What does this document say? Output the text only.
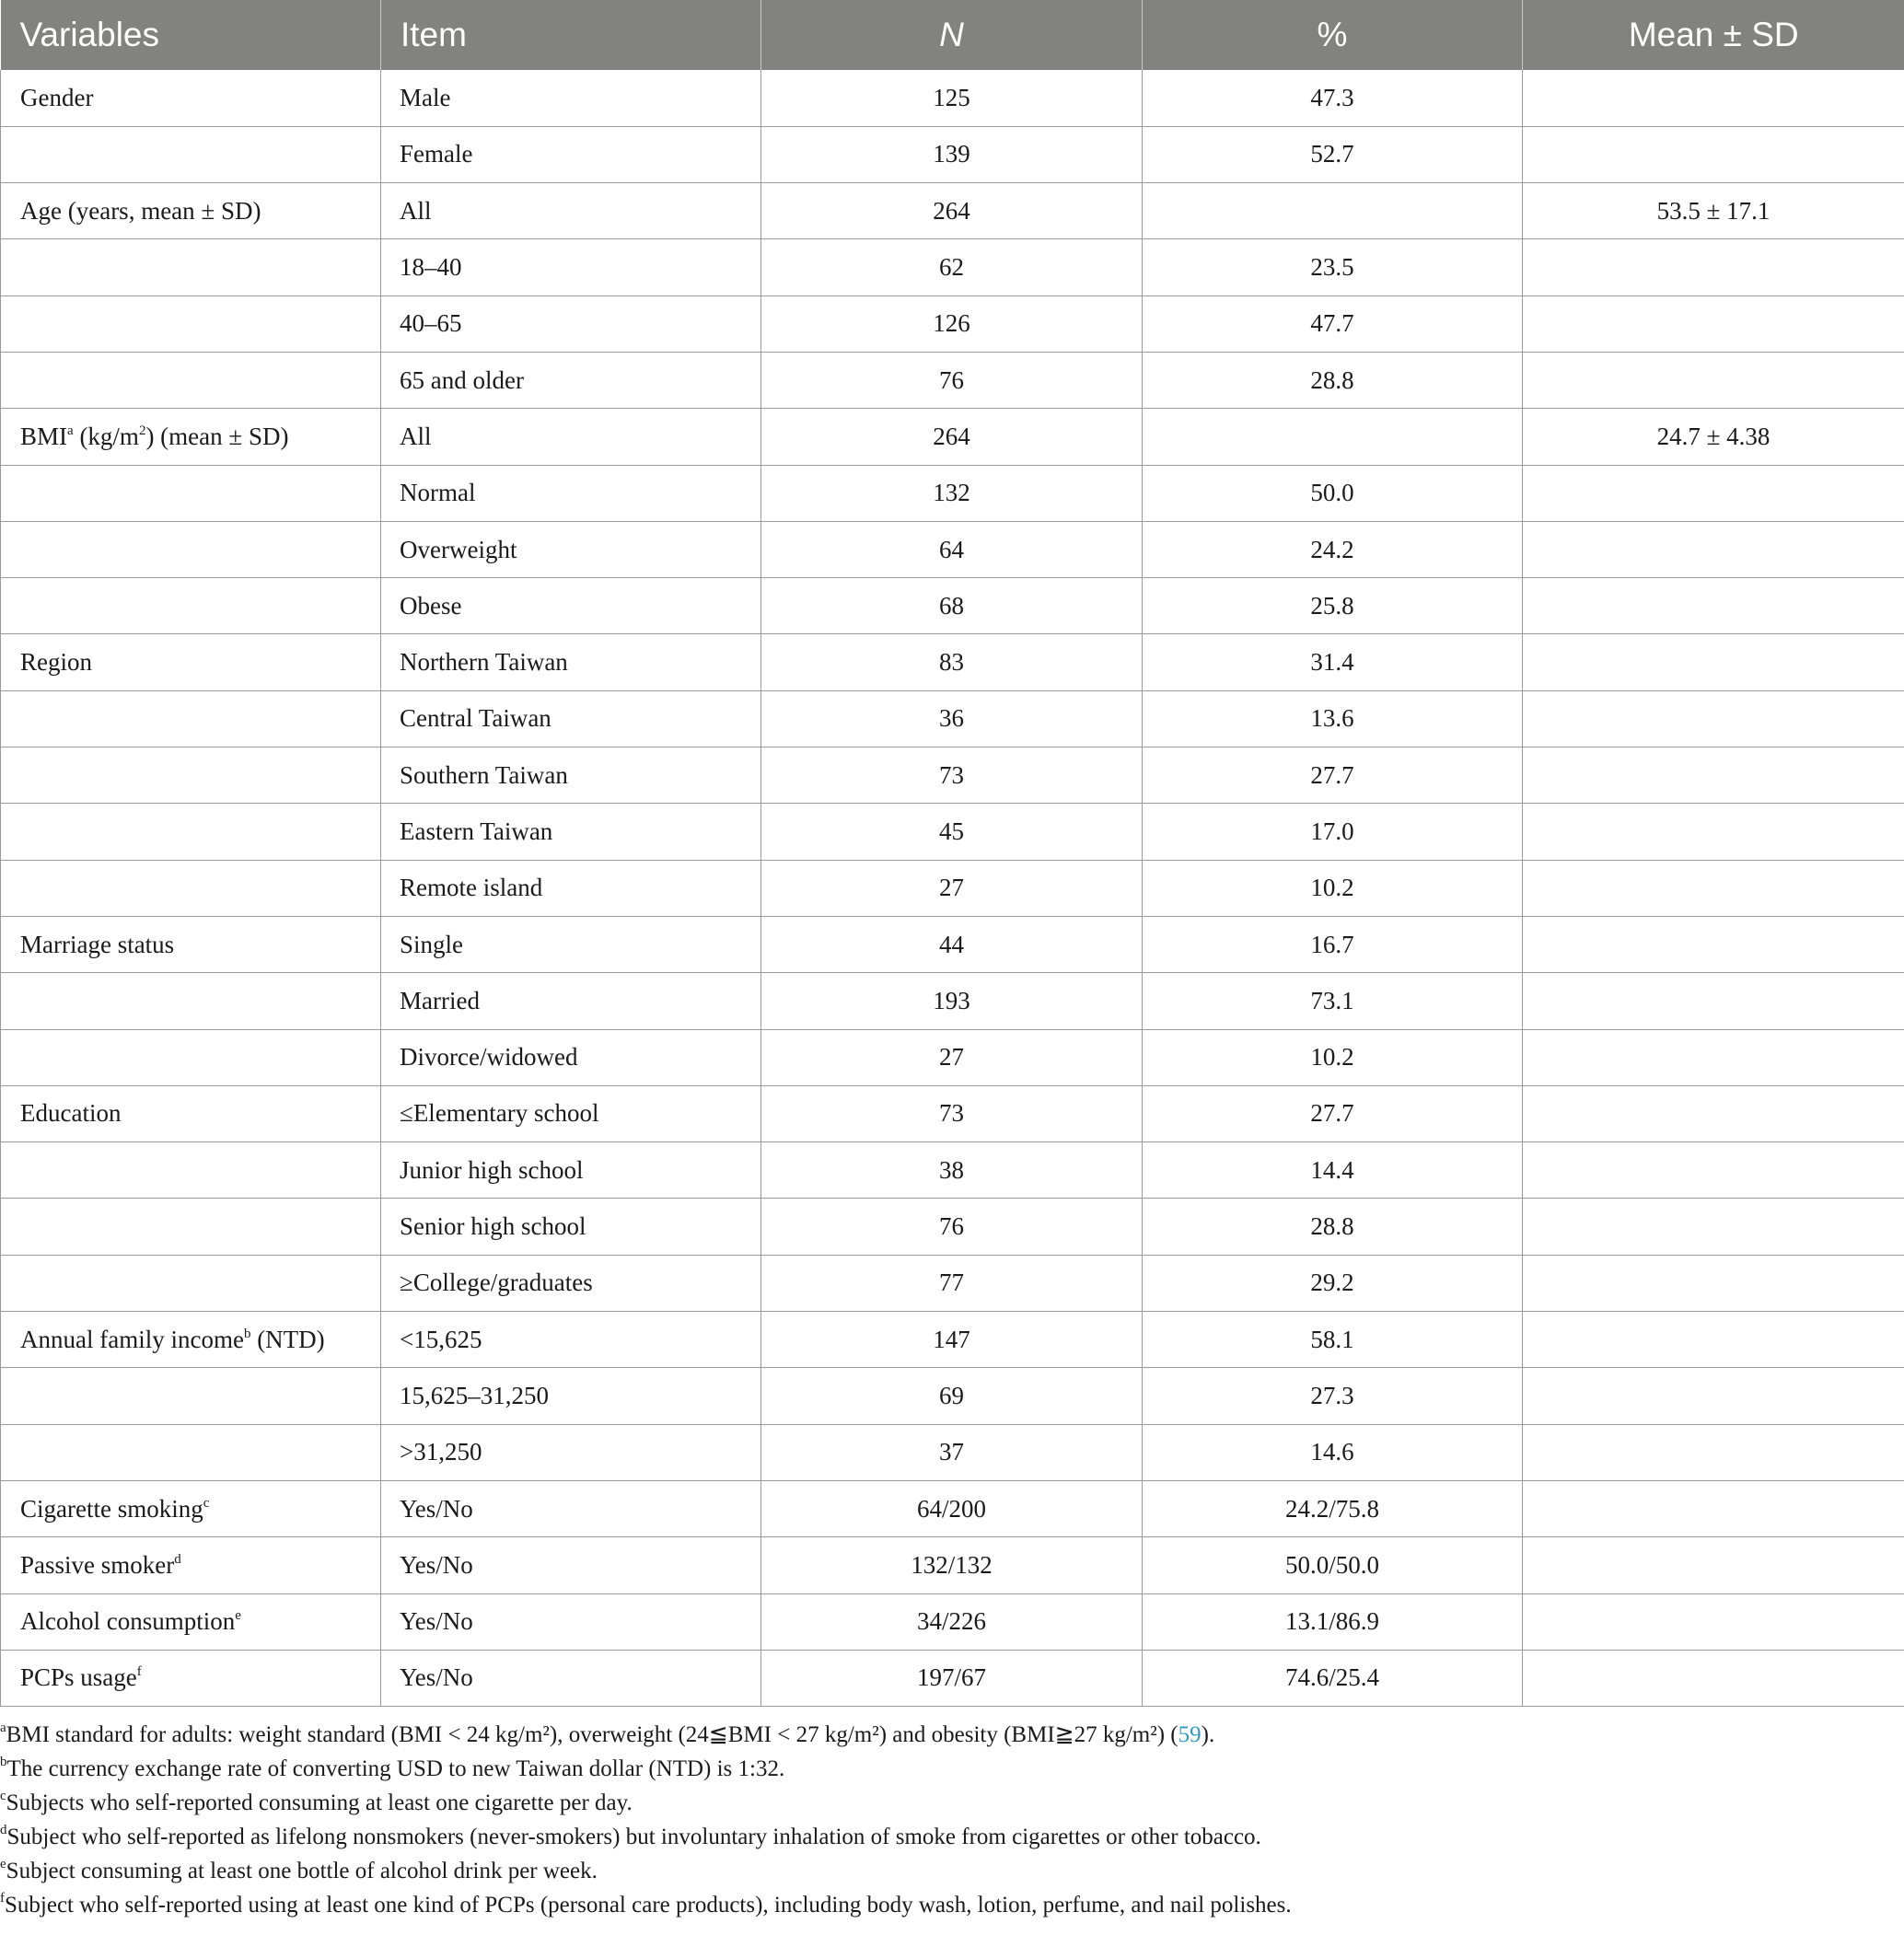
Variables	Item	N	%	Mean ± SD
Gender	Male	125	47.3	
	Female	139	52.7	
Age (years, mean ± SD)	All	264		53.5 ± 17.1
	18–40	62	23.5	
	40–65	126	47.7	
	65 and older	76	28.8	
BMI$^a$ $(kg/m^2)$ (mean ± SD)	All	264		24.7 ± 4.38
	Normal	132	50.0	
	Overweight	64	24.2	
	Obese	68	25.8	
Region	Northern Taiwan	83	31.4	
	Central Taiwan	36	13.6	
	Southern Taiwan	73	27.7	
	Eastern Taiwan	45	17.0	
	Remote island	27	10.2	
Marriage status	Single	44	16.7	
	Married	193	73.1	
	Divorce/widowed	27	10.2	
Education	≤Elementary school	73	27.7	
	Junior high school	38	14.4	
	Senior high school	76	28.8	
	≥College/graduates	77	29.2	
Annual family income$^b$ (NTD)	<15,625	147	58.1	
	15,625–31,250	69	27.3	
	>31,250	37	14.6	
Cigarette smoking$^c$	Yes/No	64/200	24.2/75.8	
Passive smoker$^d$	Yes/No	132/132	50.0/50.0	
Alcohol consumption$^e$	Yes/No	34/226	13.1/86.9	
PCPs usage$^f$	Yes/No	197/67	74.6/25.4	

$^a$BMI standard for adults: weight standard (BMI < 24 kg/m²), overweight (24≦BMI < 27 kg/m²) and obesity (BMI≧27 kg/m²) (59).

$^b$The currency exchange rate of converting USD to new Taiwan dollar (NTD) is 1:32.

$^c$Subjects who self-reported consuming at least one cigarette per day.

$^d$Subject who self-reported as lifelong nonsmokers (never-smokers) but involuntary inhalation of smoke from cigarettes or other tobacco.

$^e$Subject consuming at least one bottle of alcohol drink per week.

$^f$Subject who self-reported using at least one kind of PCPs (personal care products), including body wash, lotion, perfume, and nail polishes.
